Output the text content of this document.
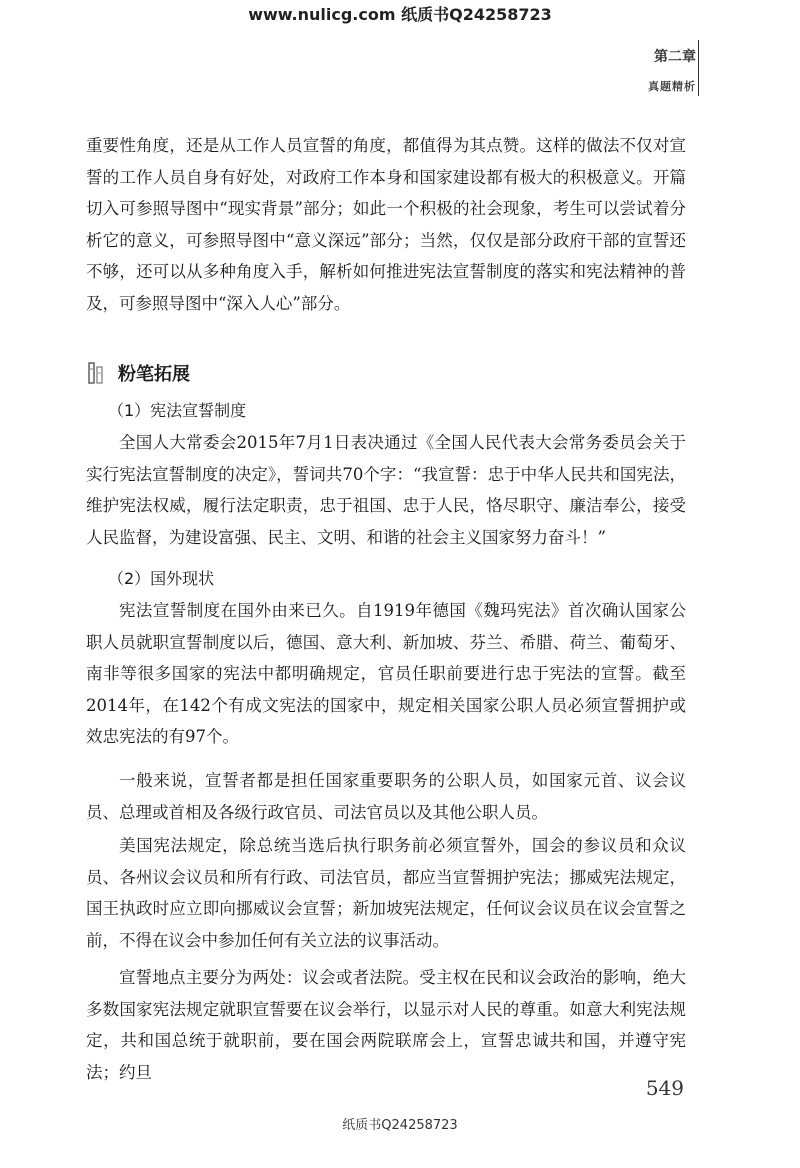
www.nulicg.com 纸质书Q24258723
第二章
真题精析

重要性角度，还是从工作人员宣誓的角度，都值得为其点赞。这样的做法不仅对宣誓的工作人员自身有好处，对政府工作本身和国家建设都有极大的积极意义。开篇切入可参照导图中“现实背景”部分；如此一个积极的社会现象，考生可以尝试着分析它的意义，可参照导图中“意义深远”部分；当然，仅仅是部分政府干部的宣誓还不够，还可以从多种角度入手，解析如何推进宪法宣誓制度的落实和宪法精神的普及，可参照导图中“深入人心”部分。

粉笔拓展
（1）宪法宣誓制度

全国人大常委会2015年7月1日表决通过《全国人民代表大会常务委员会关于实行宪法宣誓制度的决定》，誓词共70个字：“我宣誓：忠于中华人民共和国宪法，维护宪法权威，履行法定职责，忠于祖国、忠于人民，恪尽职守、廉洁奉公，接受人民监督，为建设富强、民主、文明、和谐的社会主义国家努力奋斗！”

（2）国外现状

宪法宣誓制度在国外由来已久。自1919年德国《魏玛宪法》首次确认国家公职人员就职宣誓制度以后，德国、意大利、新加坡、芬兰、希腊、荷兰、葡萄牙、南非等很多国家的宪法中都明确规定，官员任职前要进行忠于宪法的宣誓。截至2014年，在142个有成文宪法的国家中，规定相关国家公职人员必须宣誓拥护或效忠宪法的有97个。

一般来说，宣誓者都是担任国家重要职务的公职人员，如国家元首、议会议员、总理或首相及各级行政官员、司法官员以及其他公职人员。

美国宪法规定，除总统当选后执行职务前必须宣誓外，国会的参议员和众议员、各州议会议员和所有行政、司法官员，都应当宣誓拥护宪法；挪威宪法规定，国王执政时应立即向挪威议会宣誓；新加坡宪法规定，任何议会议员在议会宣誓之前，不得在议会中参加任何有关立法的议事活动。

宣誓地点主要分为两处：议会或者法院。受主权在民和议会政治的影响，绝大多数国家宪法规定就职宣誓要在议会举行，以显示对人民的尊重。如意大利宪法规定，共和国总统于就职前，要在国会两院联席会上，宣誓忠诚共和国，并遵守宪法；约旦

549
纸质书Q24258723
